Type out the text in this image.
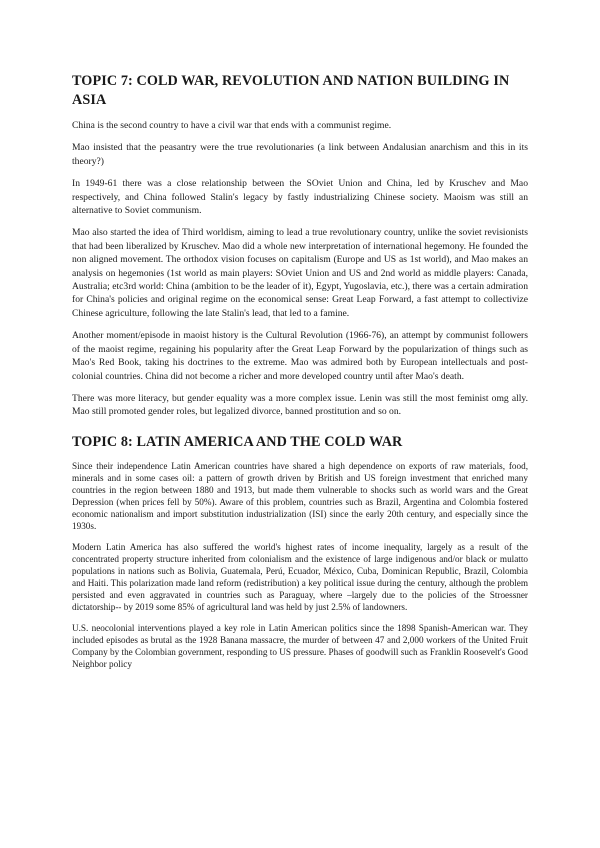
TOPIC 7: COLD WAR, REVOLUTION AND NATION BUILDING IN ASIA

China is the second country to have a civil war that ends with a communist regime.

Mao insisted that the peasantry were the true revolutionaries (a link between Andalusian anarchism and this in its theory?)

In 1949-61 there was a close relationship between the SOviet Union and China, led by Kruschev and Mao respectively, and China followed Stalin's legacy by fastly industrializing Chinese society. Maoism was still an alternative to Soviet communism.

Mao also started the idea of Third worldism, aiming to lead a true revolutionary country, unlike the soviet revisionists that had been liberalized by Kruschev. Mao did a whole new interpretation of international hegemony. He founded the non aligned movement. The orthodox vision focuses on capitalism (Europe and US as 1st world), and Mao makes an analysis on hegemonies (1st world as main players: SOviet Union and US and 2nd world as middle players: Canada, Australia; etc3rd world: China (ambition to be the leader of it), Egypt, Yugoslavia, etc.), there was a certain admiration for China's policies and original regime on the economical sense: Great Leap Forward, a fast attempt to collectivize Chinese agriculture, following the late Stalin's lead, that led to a famine.

Another moment/episode in maoist history is the Cultural Revolution (1966-76), an attempt by communist followers of the maoist regime, regaining his popularity after the Great Leap Forward by the popularization of things such as Mao's Red Book, taking his doctrines to the extreme. Mao was admired both by European intellectuals and post-colonial countries. China did not become a richer and more developed country until after Mao's death.

There was more literacy, but gender equality was a more complex issue. Lenin was still the most feminist omg ally. Mao still promoted gender roles, but legalized divorce, banned prostitution and so on.

TOPIC 8: LATIN AMERICA AND THE COLD WAR

Since their independence Latin American countries have shared a high dependence on exports of raw materials, food, minerals and in some cases oil: a pattern of growth driven by British and US foreign investment that enriched many countries in the region between 1880 and 1913, but made them vulnerable to shocks such as world wars and the Great Depression (when prices fell by 50%). Aware of this problem, countries such as Brazil, Argentina and Colombia fostered economic nationalism and import substitution industrialization (ISI) since the early 20th century, and especially since the 1930s.

Modern Latin America has also suffered the world's highest rates of income inequality, largely as a result of the concentrated property structure inherited from colonialism and the existence of large indigenous and/or black or mulatto populations in nations such as Bolivia, Guatemala, Perú, Ecuador, México, Cuba, Dominican Republic, Brazil, Colombia and Haiti. This polarization made land reform (redistribution) a key political issue during the century, although the problem persisted and even aggravated in countries such as Paraguay, where –largely due to the policies of the Stroessner dictatorship-- by 2019 some 85% of agricultural land was held by just 2.5% of landowners.

U.S. neocolonial interventions played a key role in Latin American politics since the 1898 Spanish-American war. They included episodes as brutal as the 1928 Banana massacre, the murder of between 47 and 2,000 workers of the United Fruit Company by the Colombian government, responding to US pressure. Phases of goodwill such as Franklin Roosevelt's Good Neighbor policy
